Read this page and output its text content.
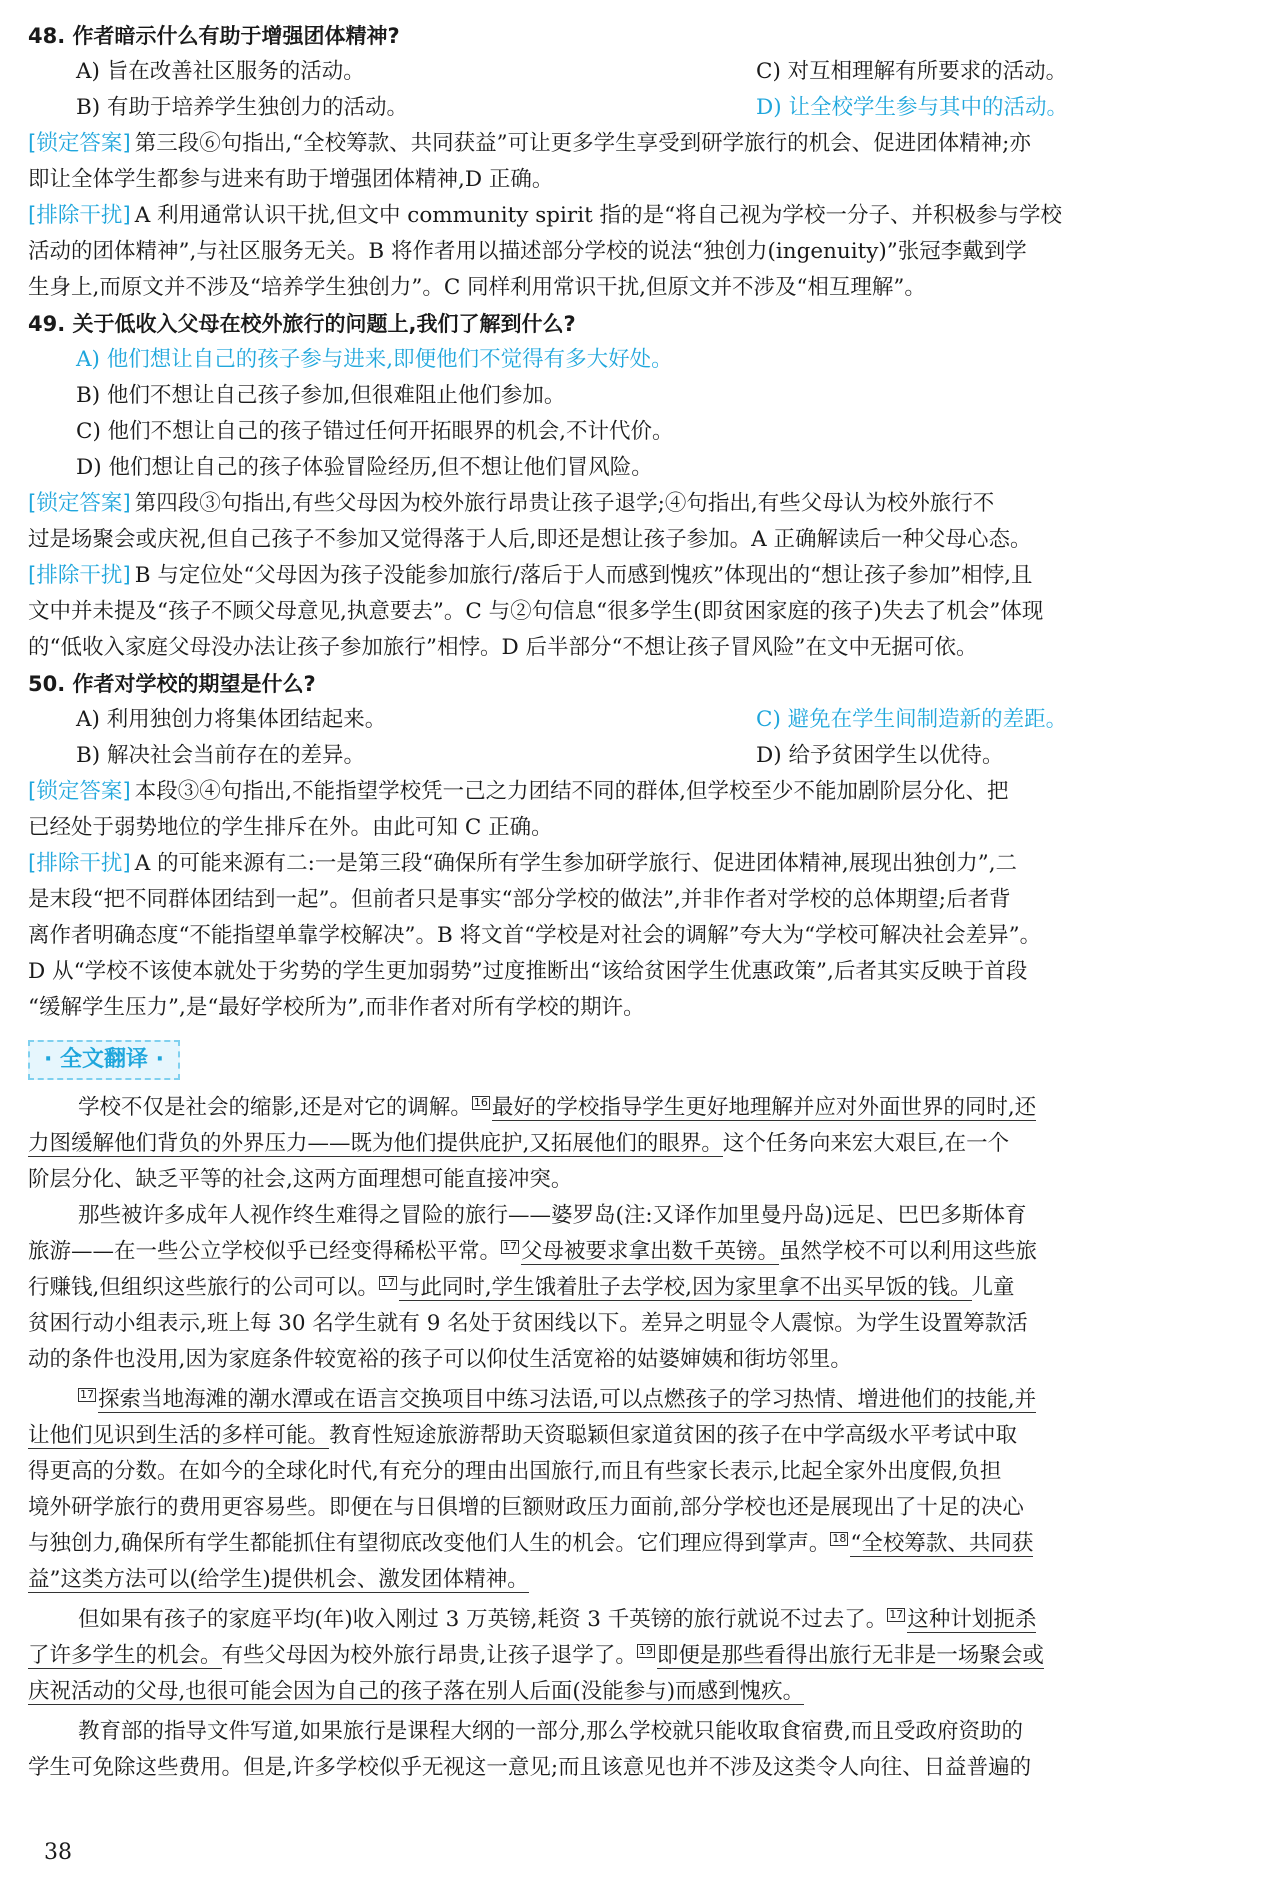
48. 作者暗示什么有助于增强团体精神?
A) 旨在改善社区服务的活动。	C) 对互相理解有所要求的活动。
B) 有助于培养学生独创力的活动。	D) 让全校学生参与其中的活动。
[锁定答案] 第三段⑥句指出,“全校筹款、共同获益”可让更多学生享受到研学旅行的机会、促进团体精神;亦
即让全体学生都参与进来有助于增强团体精神,D 正确。
[排除干扰] A 利用通常认识干扰,但文中 community spirit 指的是“将自己视为学校一分子、并积极参与学校
活动的团体精神”,与社区服务无关。B 将作者用以描述部分学校的说法“独创力(ingenuity)”张冠李戴到学
生身上,而原文并不涉及“培养学生独创力”。C 同样利用常识干扰,但原文并不涉及“相互理解”。
49. 关于低收入父母在校外旅行的问题上,我们了解到什么?
A) 他们想让自己的孩子参与进来,即便他们不觉得有多大好处。
B) 他们不想让自己孩子参加,但很难阻止他们参加。
C) 他们不想让自己的孩子错过任何开拓眼界的机会,不计代价。
D) 他们想让自己的孩子体验冒险经历,但不想让他们冒风险。
[锁定答案] 第四段③句指出,有些父母因为校外旅行昂贵让孩子退学;④句指出,有些父母认为校外旅行不
过是场聚会或庆祝,但自己孩子不参加又觉得落于人后,即还是想让孩子参加。A 正确解读后一种父母心态。
[排除干扰] B 与定位处“父母因为孩子没能参加旅行/落后于人而感到愧疚”体现出的“想让孩子参加”相悖,且
文中并未提及“孩子不顾父母意见,执意要去”。C 与②句信息“很多学生(即贫困家庭的孩子)失去了机会”体现
的“低收入家庭父母没办法让孩子参加旅行”相悖。D 后半部分“不想让孩子冒风险”在文中无据可依。
50. 作者对学校的期望是什么?
A) 利用独创力将集体团结起来。	C) 避免在学生间制造新的差距。
B) 解决社会当前存在的差异。	D) 给予贫困学生以优待。
[锁定答案] 本段③④句指出,不能指望学校凭一己之力团结不同的群体,但学校至少不能加剧阶层分化、把
已经处于弱势地位的学生排斥在外。由此可知 C 正确。
[排除干扰] A 的可能来源有二:一是第三段“确保所有学生参加研学旅行、促进团体精神,展现出独创力”,二
是末段“把不同群体团结到一起”。但前者只是事实“部分学校的做法”,并非作者对学校的总体期望;后者背
离作者明确态度“不能指望单靠学校解决”。B 将文首“学校是对社会的调解”夸大为“学校可解决社会差异”。
D 从“学校不该使本就处于劣势的学生更加弱势”过度推断出“该给贫困学生优惠政策”,后者其实反映于首段
“缓解学生压力”,是“最好学校所为”,而非作者对所有学校的期许。
· 全文翻译 ·
学校不仅是社会的缩影,还是对它的调解。 16 最好的学校指导学生更好地理解并应对外面世界的同时,还
力图缓解他们背负的外界压力——既为他们提供庇护,又拓展他们的眼界。这个任务向来宏大艰巨,在一个
阶层分化、缺乏平等的社会,这两方面理想可能直接冲突。
那些被许多成年人视作终生难得之冒险的旅行——婆罗岛(注:又译作加里曼丹岛)远足、巴巴多斯体育
旅游——在一些公立学校似乎已经变得稀松平常。 17 父母被要求拿出数千英镑。虽然学校不可以利用这些旅
行赚钱,但组织这些旅行的公司可以。 17 与此同时,学生饿着肚子去学校,因为家里拿不出买早饭的钱。儿童
贫困行动小组表示,班上每 30 名学生就有 9 名处于贫困线以下。差异之明显令人震惊。为学生设置筹款活
动的条件也没用,因为家庭条件较宽裕的孩子可以仰仗生活宽裕的姑婆婶姨和街坊邻里。
17 探索当地海滩的潮水潭或在语言交换项目中练习法语,可以点燃孩子的学习热情、增进他们的技能,并
让他们见识到生活的多样可能。教育性短途旅游帮助天资聪颖但家道贫困的孩子在中学高级水平考试中取
得更高的分数。在如今的全球化时代,有充分的理由出国旅行,而且有些家长表示,比起全家外出度假,负担
境外研学旅行的费用更容易些。即便在与日俱增的巨额财政压力面前,部分学校也还是展现出了十足的决心
与独创力,确保所有学生都能抓住有望彻底改变他们人生的机会。它们理应得到掌声。 18 “全校筹款、共同获
益”这类方法可以(给学生)提供机会、激发团体精神。
但如果有孩子的家庭平均(年)收入刚过 3 万英镑,耗资 3 千英镑的旅行就说不过去了。 17 这种计划扼杀
了许多学生的机会。有些父母因为校外旅行昂贵,让孩子退学了。 19 即便是那些看得出旅行无非是一场聚会或
庆祝活动的父母,也很可能会因为自己的孩子落在别人后面(没能参与)而感到愧疚。
教育部的指导文件写道,如果旅行是课程大纲的一部分,那么学校就只能收取食宿费,而且受政府资助的
学生可免除这些费用。但是,许多学校似乎无视这一意见;而且该意见也并不涉及这类令人向往、日益普遍的
38
